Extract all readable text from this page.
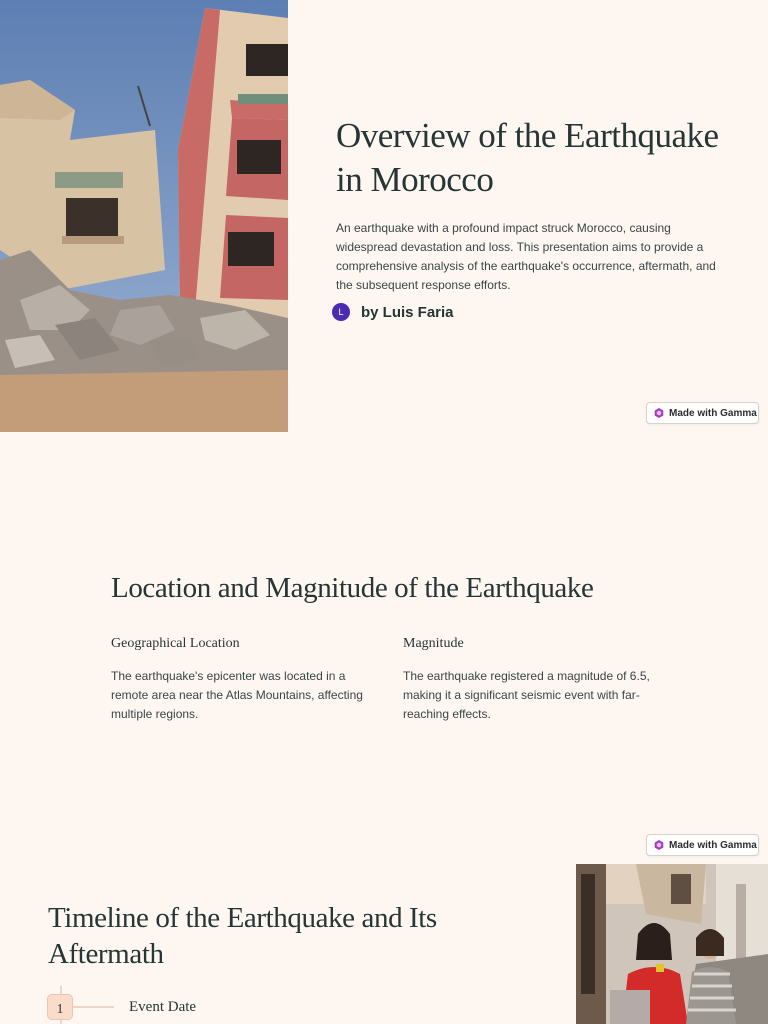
Overview of the Earthquake in Morocco

An earthquake with a profound impact struck Morocco, causing widespread devastation and loss. This presentation aims to provide a comprehensive analysis of the earthquake's occurrence, aftermath, and the subsequent response efforts.

L	by Luis Faria
Made with Gamma
Location and Magnitude of the Earthquake
Geographical Location

The earthquake's epicenter was located in a remote area near the Atlas Mountains, affecting multiple regions.

Magnitude

The earthquake registered a magnitude of 6.5, making it a significant seismic event with far-reaching effects.

Made with Gamma
Timeline of the Earthquake and Its Aftermath
1	Event Date
